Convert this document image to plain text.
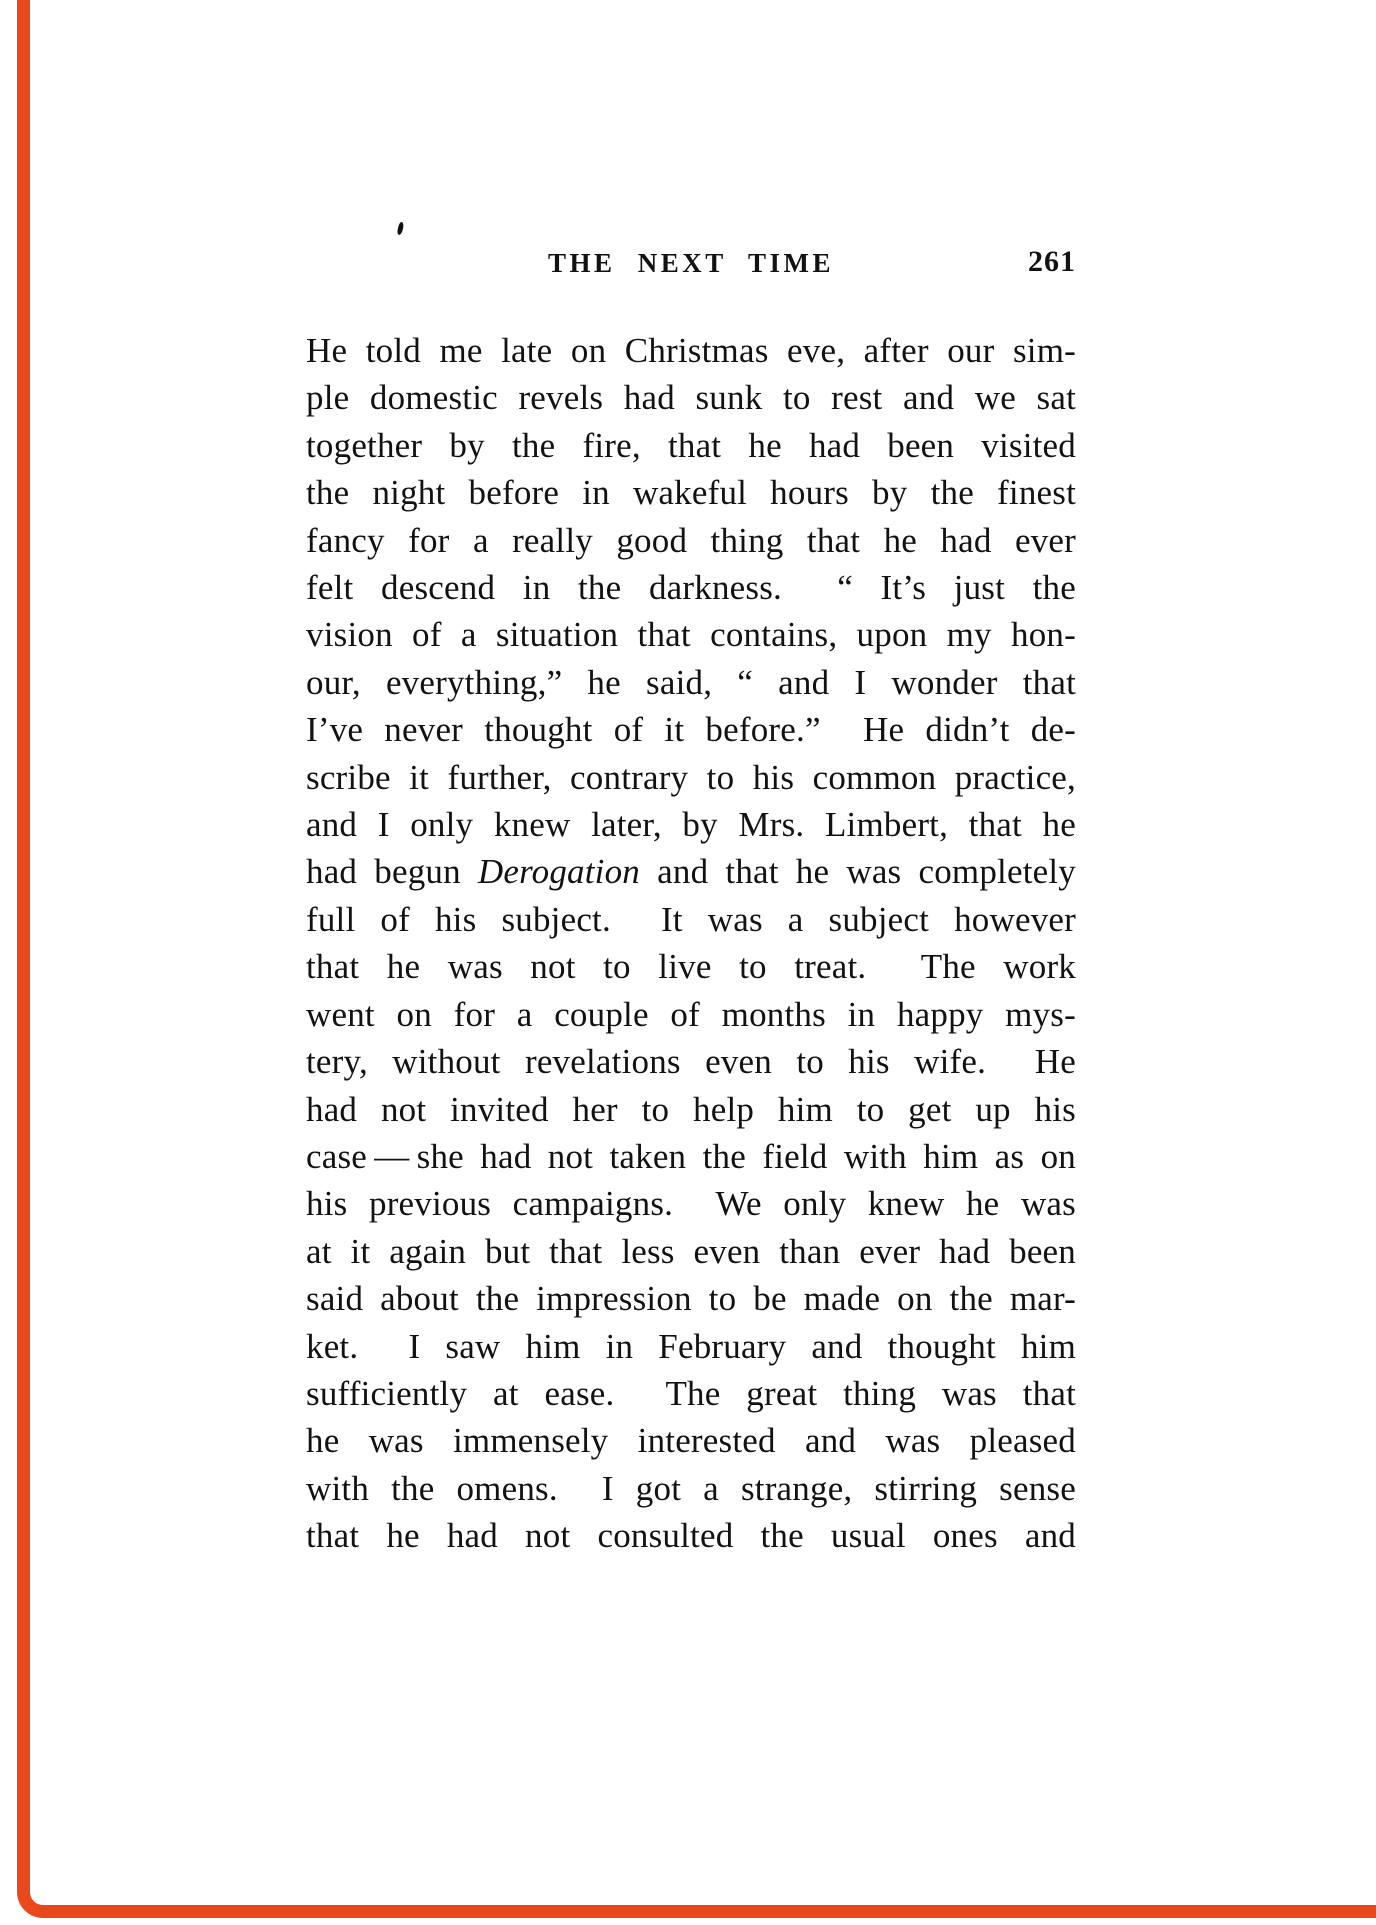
THE NEXT TIME	261
He told me late on Christmas eve, after our sim-
ple domestic revels had sunk to rest and we sat
together by the fire, that he had been visited
the night before in wakeful hours by the finest
fancy for a really good thing that he had ever
felt descend in the darkness.  “ It’s just the
vision of a situation that contains, upon my hon-
our, everything,” he said, “ and I wonder that
I’ve never thought of it before.”  He didn’t de-
scribe it further, contrary to his common practice,
and I only knew later, by Mrs. Limbert, that he
had begun Derogation and that he was completely
full of his subject.  It was a subject however
that he was not to live to treat.  The work
went on for a couple of months in happy mys-
tery, without revelations even to his wife.  He
had not invited her to help him to get up his
case — she had not taken the field with him as on
his previous campaigns.  We only knew he was
at it again but that less even than ever had been
said about the impression to be made on the mar-
ket.  I saw him in February and thought him
sufficiently at ease.  The great thing was that
he was immensely interested and was pleased
with the omens.  I got a strange, stirring sense
that he had not consulted the usual ones and
